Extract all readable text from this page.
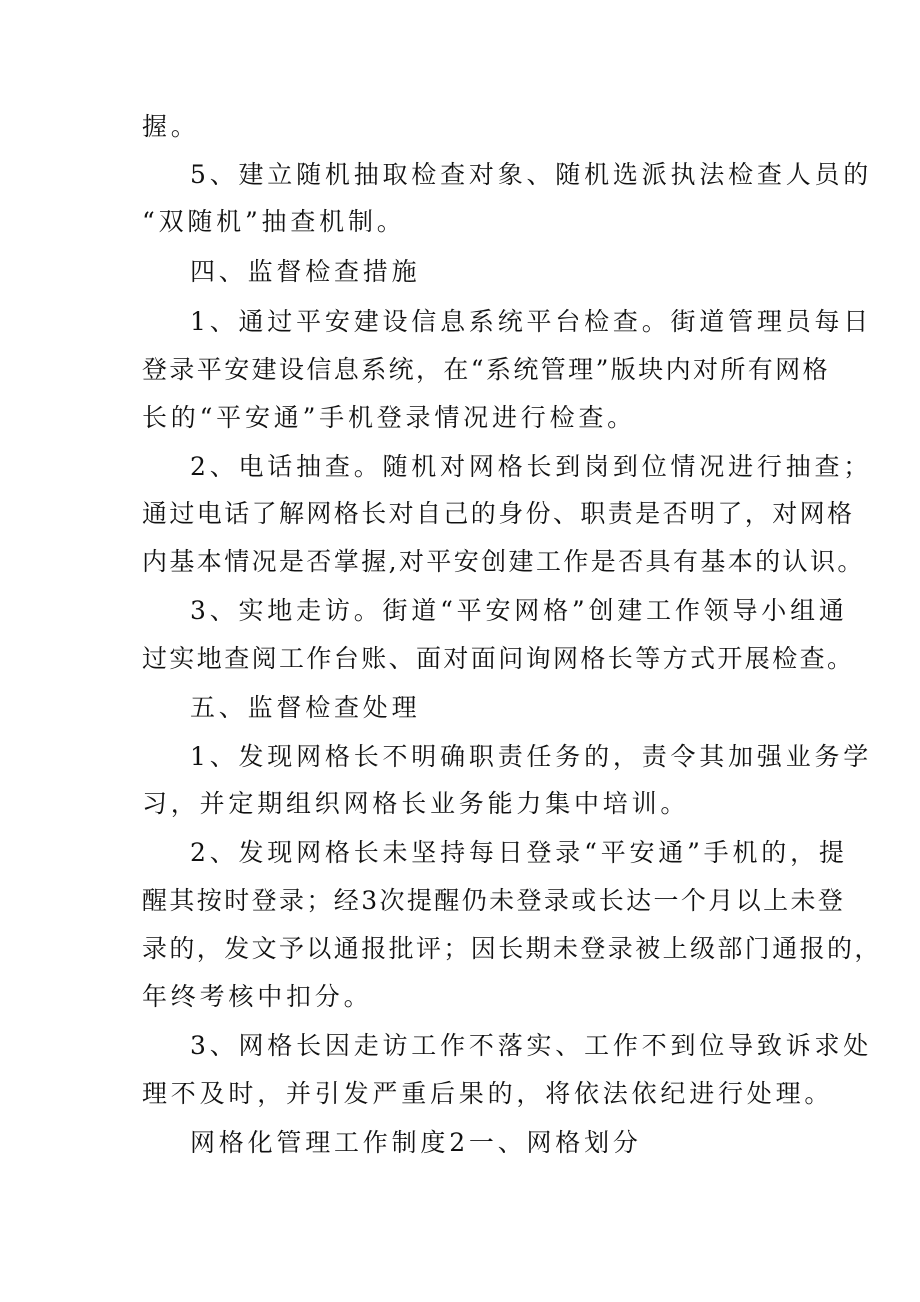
握。
5、建立随机抽取检查对象、随机选派执法检查人员的
“双随机”抽查机制。
四、监督检查措施
1、通过平安建设信息系统平台检查。街道管理员每日
登录平安建设信息系统，在“系统管理”版块内对所有网格
长的“平安通”手机登录情况进行检查。
2、电话抽查。随机对网格长到岗到位情况进行抽查；
通过电话了解网格长对自己的身份、职责是否明了，对网格
内基本情况是否掌握,对平安创建工作是否具有基本的认识。
3、实地走访。街道“平安网格”创建工作领导小组通
过实地查阅工作台账、面对面问询网格长等方式开展检查。
五、监督检查处理
1、发现网格长不明确职责任务的，责令其加强业务学
习，并定期组织网格长业务能力集中培训。
2、发现网格长未坚持每日登录“平安通”手机的，提
醒其按时登录；经3次提醒仍未登录或长达一个月以上未登
录的，发文予以通报批评；因长期未登录被上级部门通报的，
年终考核中扣分。
3、网格长因走访工作不落实、工作不到位导致诉求处
理不及时，并引发严重后果的，将依法依纪进行处理。
网格化管理工作制度2一、网格划分
